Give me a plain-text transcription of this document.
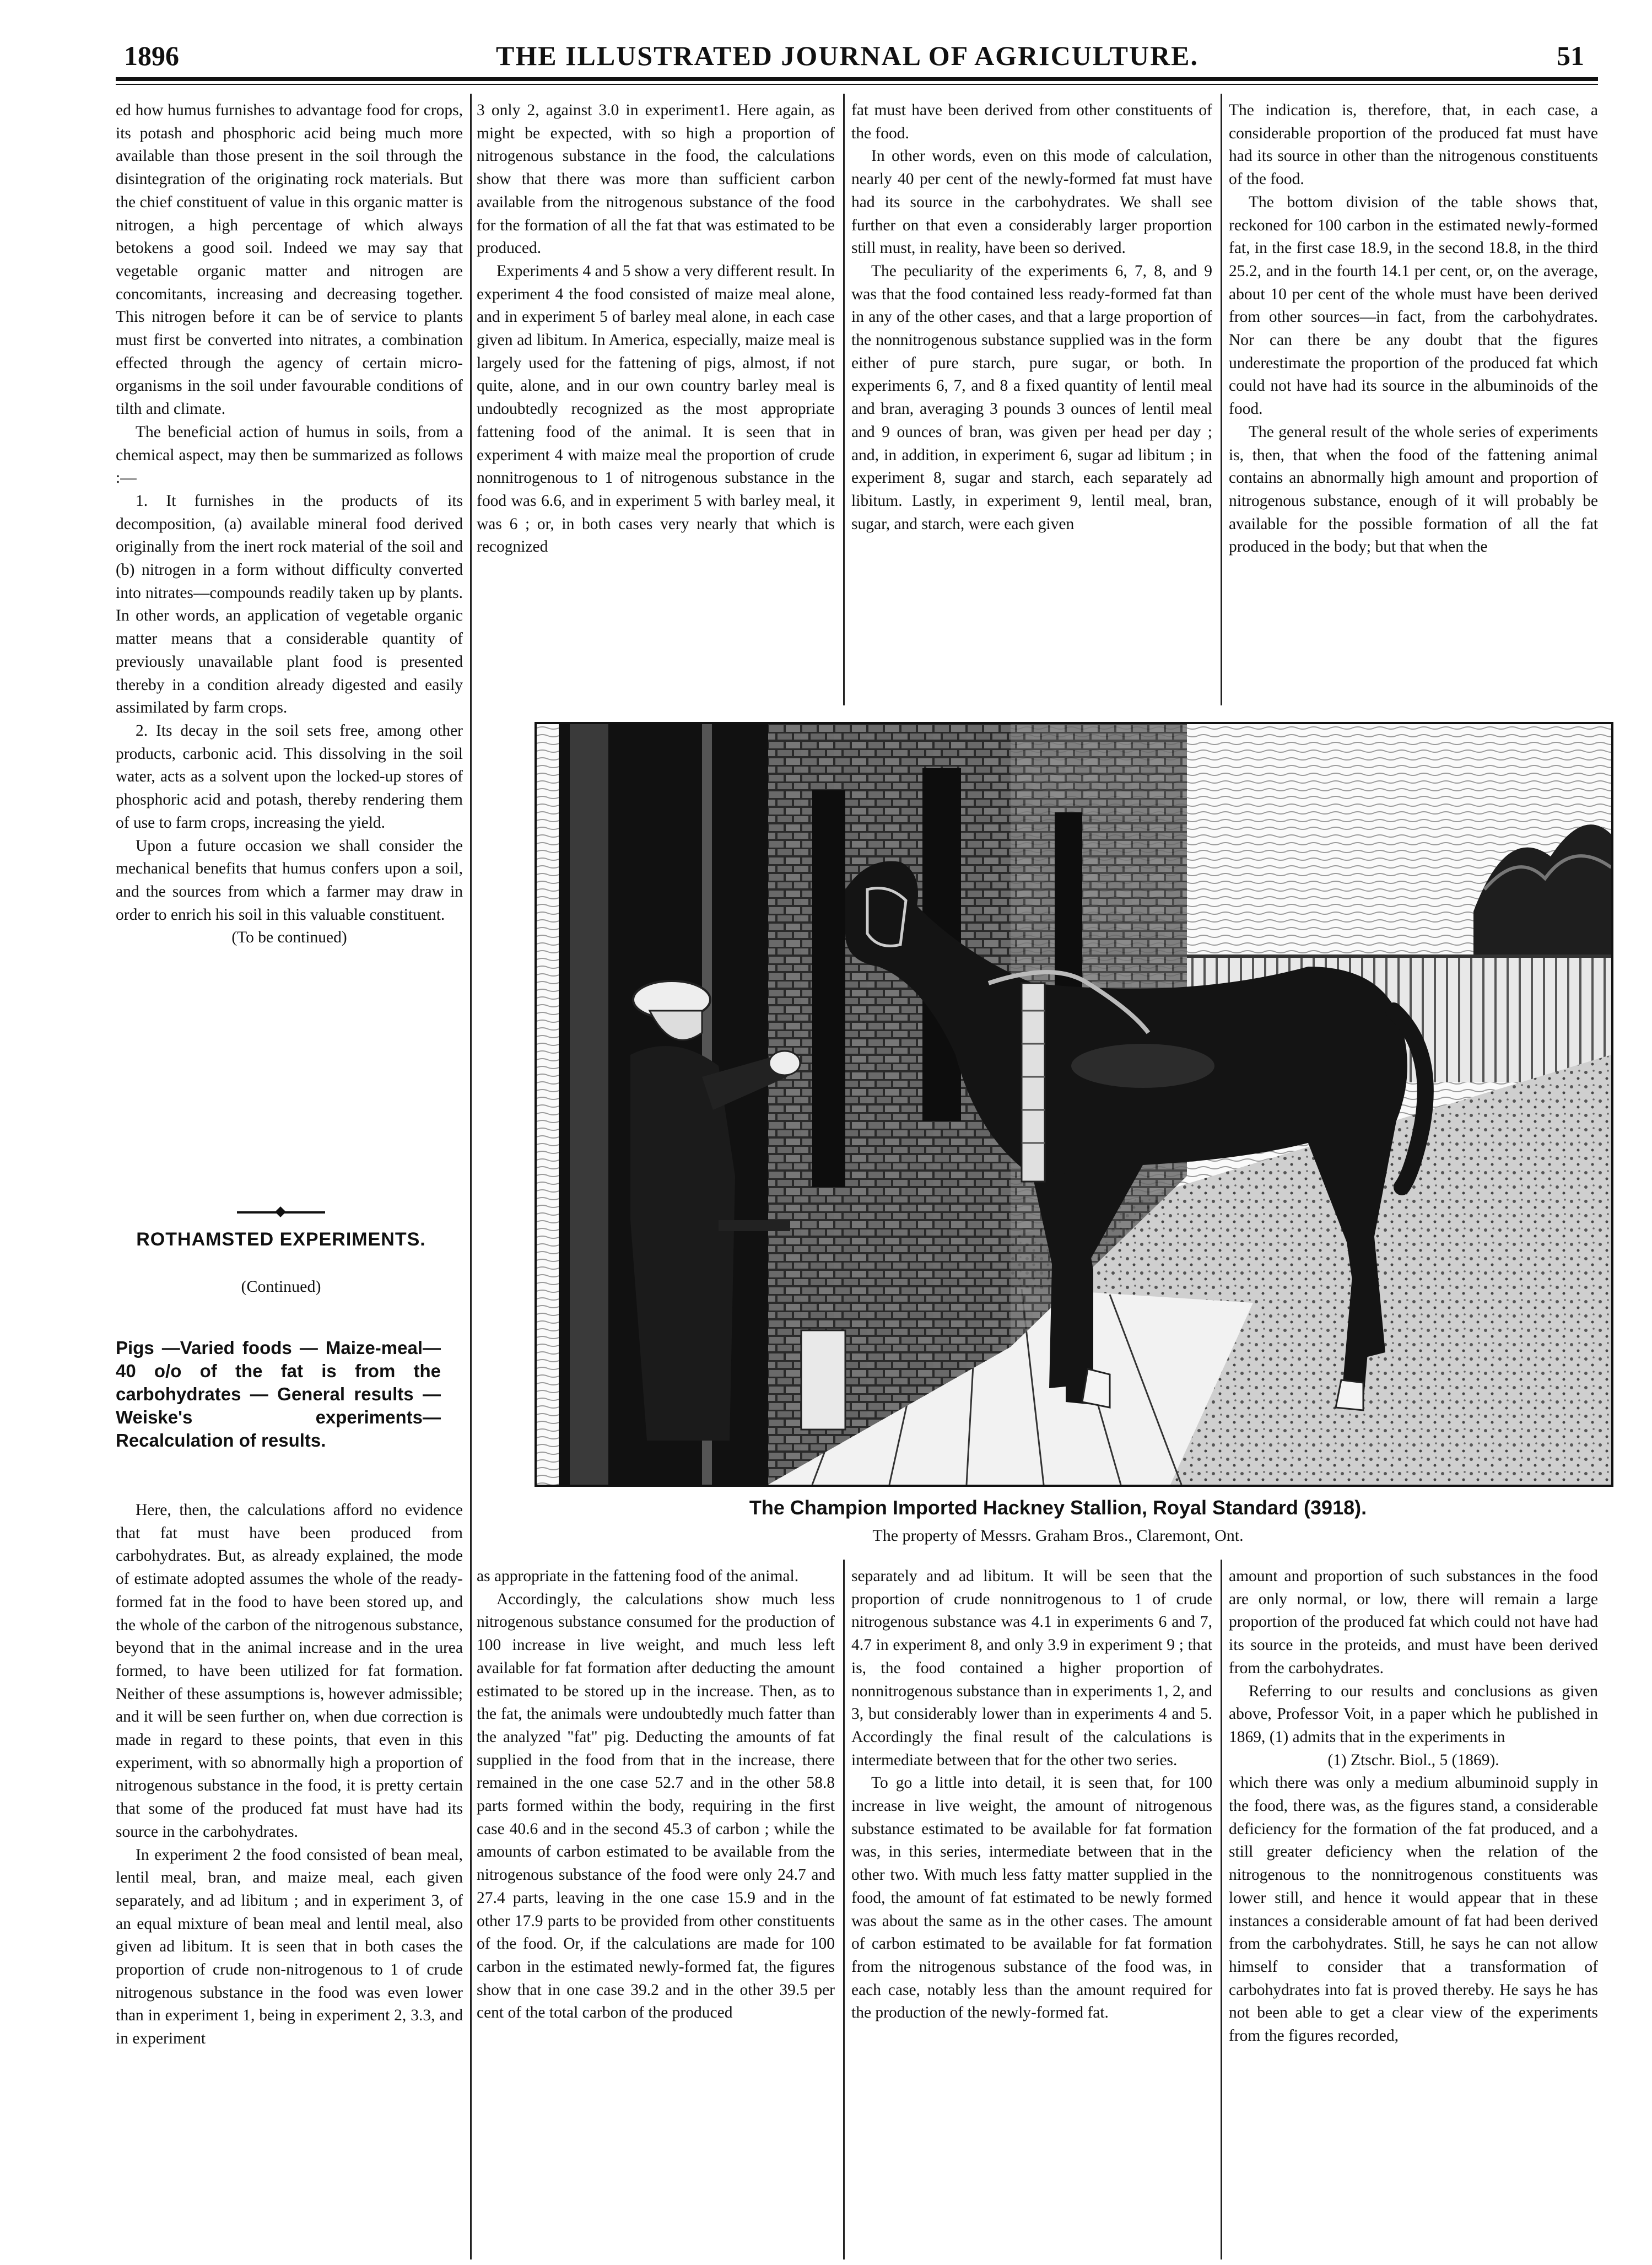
1896	THE ILLUSTRATED JOURNAL OF AGRICULTURE.	51

ed how humus furnishes to advantage food for crops, its potash and phosphoric acid being much more available than those present in the soil through the disintegration of the originating rock materials. But the chief constituent of value in this organic matter is nitrogen, a high percentage of which always betokens a good soil. Indeed we may say that vegetable organic matter and nitrogen are concomitants, increasing and decreasing together. This nitrogen before it can be of service to plants must first be converted into nitrates, a combination effected through the agency of certain micro-organisms in the soil under favourable conditions of tilth and climate.

The beneficial action of humus in soils, from a chemical aspect, may then be summarized as follows :—

1. It furnishes in the products of its decomposition, (a) available mineral food derived originally from the inert rock material of the soil and (b) nitrogen in a form without difficulty converted into nitrates—compounds readily taken up by plants. In other words, an application of vegetable organic matter means that a considerable quantity of previously unavailable plant food is presented thereby in a condition already digested and easily assimilated by farm crops.

2. Its decay in the soil sets free, among other products, carbonic acid. This dissolving in the soil water, acts as a solvent upon the locked-up stores of phosphoric acid and potash, thereby rendering them of use to farm crops, increasing the yield.

Upon a future occasion we shall consider the mechanical benefits that humus confers upon a soil, and the sources from which a farmer may draw in order to enrich his soil in this valuable constituent.

(To be continued)

ROTHAMSTED EXPERIMENTS.
(Continued)
Pigs —Varied foods — Maize-meal— 40 o/o of the fat is from the carbohydrates — General results — Weiske's experiments—Recalculation of results.

Here, then, the calculations afford no evidence that fat must have been produced from carbohydrates. But, as already explained, the mode of estimate adopted assumes the whole of the ready-formed fat in the food to have been stored up, and the whole of the carbon of the nitrogenous substance, beyond that in the animal increase and in the urea formed, to have been utilized for fat formation. Neither of these assumptions is, however admissible; and it will be seen further on, when due correction is made in regard to these points, that even in this experiment, with so abnormally high a proportion of nitrogenous substance in the food, it is pretty certain that some of the produced fat must have had its source in the carbohydrates.

In experiment 2 the food consisted of bean meal, lentil meal, bran, and maize meal, each given separately, and ad libitum ; and in experiment 3, of an equal mixture of bean meal and lentil meal, also given ad libitum. It is seen that in both cases the proportion of crude non-nitrogenous to 1 of crude nitrogenous substance in the food was even lower than in experiment 1, being in experiment 2, 3.3, and in experiment

3 only 2, against 3.0 in experiment1. Here again, as might be expected, with so high a proportion of nitrogenous substance in the food, the calculations show that there was more than sufficient carbon available from the nitrogenous substance of the food for the formation of all the fat that was estimated to be produced.

Experiments 4 and 5 show a very different result. In experiment 4 the food consisted of maize meal alone, and in experiment 5 of barley meal alone, in each case given ad libitum. In America, especially, maize meal is largely used for the fattening of pigs, almost, if not quite, alone, and in our own country barley meal is undoubtedly recognized as the most appropriate fattening food of the animal. It is seen that in experiment 4 with maize meal the proportion of crude nonnitrogenous to 1 of nitrogenous substance in the food was 6.6, and in experiment 5 with barley meal, it was 6 ; or, in both cases very nearly that which is recognized

fat must have been derived from other constituents of the food.

In other words, even on this mode of calculation, nearly 40 per cent of the newly-formed fat must have had its source in the carbohydrates. We shall see further on that even a considerably larger proportion still must, in reality, have been so derived.

The peculiarity of the experiments 6, 7, 8, and 9 was that the food contained less ready-formed fat than in any of the other cases, and that a large proportion of the nonnitrogenous substance supplied was in the form either of pure starch, pure sugar, or both. In experiments 6, 7, and 8 a fixed quantity of lentil meal and bran, averaging 3 pounds 3 ounces of lentil meal and 9 ounces of bran, was given per head per day ; and, in addition, in experiment 6, sugar ad libitum ; in experiment 8, sugar and starch, each separately ad libitum. Lastly, in experiment 9, lentil meal, bran, sugar, and starch, were each given

The indication is, therefore, that, in each case, a considerable proportion of the produced fat must have had its source in other than the nitrogenous constituents of the food.

The bottom division of the table shows that, reckoned for 100 carbon in the estimated newly-formed fat, in the first case 18.9, in the second 18.8, in the third 25.2, and in the fourth 14.1 per cent, or, on the average, about 10 per cent of the whole must have been derived from other sources—in fact, from the carbohydrates. Nor can there be any doubt that the figures underestimate the proportion of the produced fat which could not have had its source in the albuminoids of the food.

The general result of the whole series of experiments is, then, that when the food of the fattening animal contains an abnormally high amount and proportion of nitrogenous substance, enough of it will probably be available for the possible formation of all the fat produced in the body; but that when the

The Champion Imported Hackney Stallion, Royal Standard (3918).
The property of Messrs. Graham Bros., Claremont, Ont.

as appropriate in the fattening food of the animal.

Accordingly, the calculations show much less nitrogenous substance consumed for the production of 100 increase in live weight, and much less left available for fat formation after deducting the amount estimated to be stored up in the increase. Then, as to the fat, the animals were undoubtedly much fatter than the analyzed "fat" pig. Deducting the amounts of fat supplied in the food from that in the increase, there remained in the one case 52.7 and in the other 58.8 parts formed within the body, requiring in the first case 40.6 and in the second 45.3 of carbon ; while the amounts of carbon estimated to be available from the nitrogenous substance of the food were only 24.7 and 27.4 parts, leaving in the one case 15.9 and in the other 17.9 parts to be provided from other constituents of the food. Or, if the calculations are made for 100 carbon in the estimated newly-formed fat, the figures show that in one case 39.2 and in the other 39.5 per cent of the total carbon of the produced

separately and ad libitum. It will be seen that the proportion of crude nonnitrogenous to 1 of crude nitrogenous substance was 4.1 in experiments 6 and 7, 4.7 in experiment 8, and only 3.9 in experiment 9 ; that is, the food contained a higher proportion of nonnitrogenous substance than in experiments 1, 2, and 3, but considerably lower than in experiments 4 and 5. Accordingly the final result of the calculations is intermediate between that for the other two series.

To go a little into detail, it is seen that, for 100 increase in live weight, the amount of nitrogenous substance estimated to be available for fat formation was, in this series, intermediate between that in the other two. With much less fatty matter supplied in the food, the amount of fat estimated to be newly formed was about the same as in the other cases. The amount of carbon estimated to be available for fat formation from the nitrogenous substance of the food was, in each case, notably less than the amount required for the production of the newly-formed fat.

amount and proportion of such substances in the food are only normal, or low, there will remain a large proportion of the produced fat which could not have had its source in the proteids, and must have been derived from the carbohydrates.

Referring to our results and conclusions as given above, Professor Voit, in a paper which he published in 1869, (1) admits that in the experiments in

(1) Ztschr. Biol., 5 (1869).

which there was only a medium albuminoid supply in the food, there was, as the figures stand, a considerable deficiency for the formation of the fat produced, and a still greater deficiency when the relation of the nitrogenous to the nonnitrogenous constituents was lower still, and hence it would appear that in these instances a considerable amount of fat had been derived from the carbohydrates. Still, he says he can not allow himself to consider that a transformation of carbohydrates into fat is proved thereby. He says he has not been able to get a clear view of the experiments from the figures recorded,
